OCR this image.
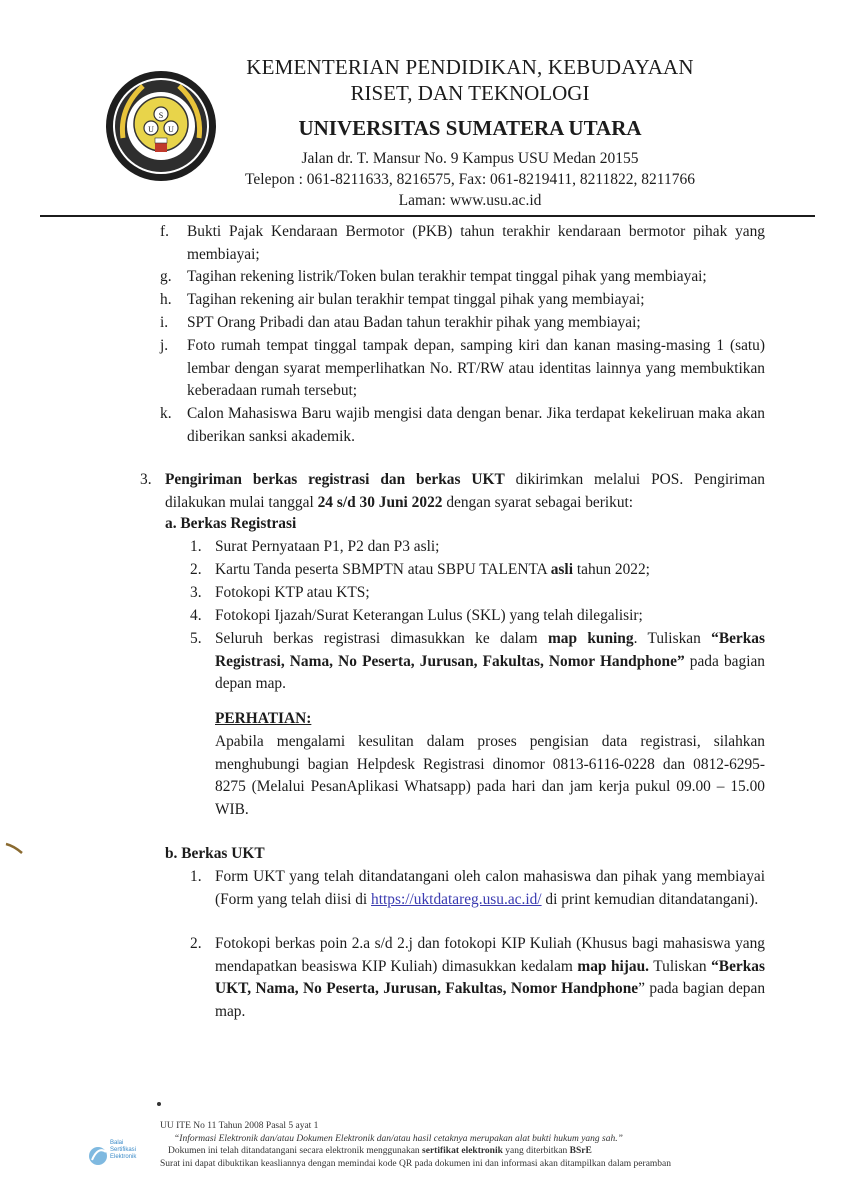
S
U U
KEMENTERIAN PENDIDIKAN, KEBUDAYAAN
RISET, DAN TEKNOLOGI
UNIVERSITAS SUMATERA UTARA
Jalan dr. T. Mansur No. 9 Kampus USU Medan 20155
Telepon : 061-8211633, 8216575, Fax: 061-8219411, 8211822, 8211766
Laman: www.usu.ac.id
f. Bukti Pajak Kendaraan Bermotor (PKB) tahun terakhir kendaraan bermotor pihak yang membiayai;
g. Tagihan rekening listrik/Token bulan terakhir tempat tinggal pihak yang membiayai;
h. Tagihan rekening air bulan terakhir tempat tinggal pihak yang membiayai;
i. SPT Orang Pribadi dan atau Badan tahun terakhir pihak yang membiayai;
j. Foto rumah tempat tinggal tampak depan, samping kiri dan kanan masing-masing 1 (satu) lembar dengan syarat memperlihatkan No. RT/RW atau identitas lainnya yang membuktikan keberadaan rumah tersebut;
k. Calon Mahasiswa Baru wajib mengisi data dengan benar. Jika terdapat kekeliruan maka akan diberikan sanksi akademik.
3. Pengiriman berkas registrasi dan berkas UKT dikirimkan melalui POS. Pengiriman dilakukan mulai tanggal 24 s/d 30 Juni 2022 dengan syarat sebagai berikut:
a. Berkas Registrasi
1. Surat Pernyataan P1, P2 dan P3 asli;
2. Kartu Tanda peserta SBMPTN atau SBPU TALENTA asli tahun 2022;
3. Fotokopi KTP atau KTS;
4. Fotokopi Ijazah/Surat Keterangan Lulus (SKL) yang telah dilegalisir;
5. Seluruh berkas registrasi dimasukkan ke dalam map kuning. Tuliskan “Berkas Registrasi, Nama, No Peserta, Jurusan, Fakultas, Nomor Handphone” pada bagian depan map.
PERHATIAN:
Apabila mengalami kesulitan dalam proses pengisian data registrasi, silahkan menghubungi bagian Helpdesk Registrasi dinomor 0813-6116-0228 dan 0812-6295-8275 (Melalui PesanAplikasi Whatsapp) pada hari dan jam kerja pukul 09.00 – 15.00 WIB.
b. Berkas UKT
1. Form UKT yang telah ditandatangani oleh calon mahasiswa dan pihak yang membiayai (Form yang telah diisi di https://uktdatareg.usu.ac.id/ di print kemudian ditandatangani).
2. Fotokopi berkas poin 2.a s/d 2.j dan fotokopi KIP Kuliah (Khusus bagi mahasiswa yang mendapatkan beasiswa KIP Kuliah) dimasukkan kedalam map hijau. Tuliskan “Berkas UKT, Nama, No Peserta, Jurusan, Fakultas, Nomor Handphone” pada bagian depan map.
Balai
Sertifikasi
Elektronik
UU ITE No 11 Tahun 2008 Pasal 5 ayat 1
“Informasi Elektronik dan/atau Dokumen Elektronik dan/atau hasil cetaknya merupakan alat bukti hukum yang sah.”
Dokumen ini telah ditandatangani secara elektronik menggunakan sertifikat elektronik yang diterbitkan BSrE
Surat ini dapat dibuktikan keasliannya dengan memindai kode QR pada dokumen ini dan informasi akan ditampilkan dalam peramban
